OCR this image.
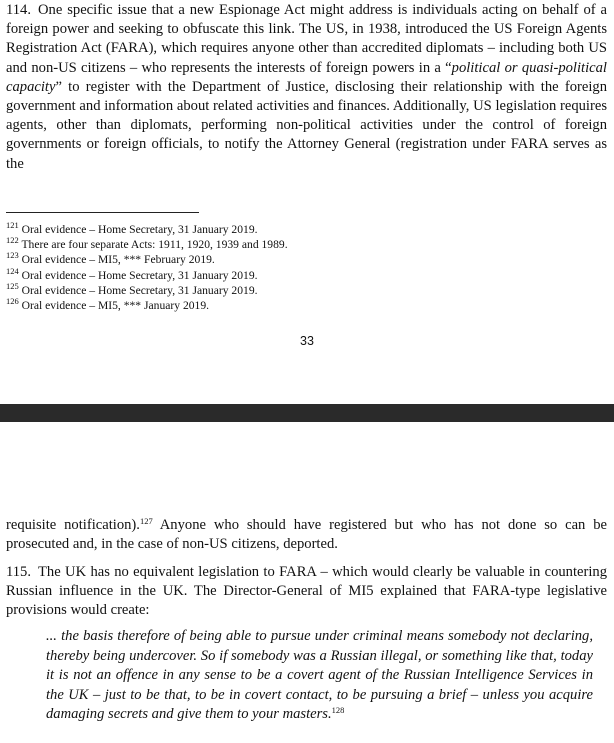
114. One specific issue that a new Espionage Act might address is individuals acting on behalf of a foreign power and seeking to obfuscate this link. The US, in 1938, introduced the US Foreign Agents Registration Act (FARA), which requires anyone other than accredited diplomats – including both US and non-US citizens – who represents the interests of foreign powers in a “political or quasi-political capacity” to register with the Department of Justice, disclosing their relationship with the foreign government and information about related activities and finances. Additionally, US legislation requires agents, other than diplomats, performing non-political activities under the control of foreign governments or foreign officials, to notify the Attorney General (registration under FARA serves as the

$^{121}$ Oral evidence – Home Secretary, 31 January 2019.
$^{122}$ There are four separate Acts: 1911, 1920, 1939 and 1989.
$^{123}$ Oral evidence – MI5, *** February 2019.
$^{124}$ Oral evidence – Home Secretary, 31 January 2019.
$^{125}$ Oral evidence – Home Secretary, 31 January 2019.
$^{126}$ Oral evidence – MI5, *** January 2019.
33

requisite notification).$^{127}$ Anyone who should have registered but who has not done so can be prosecuted and, in the case of non-US citizens, deported.

115. The UK has no equivalent legislation to FARA – which would clearly be valuable in countering Russian influence in the UK. The Director-General of MI5 explained that FARA-type legislative provisions would create:

... the basis therefore of being able to pursue under criminal means somebody not declaring, thereby being undercover. So if somebody was a Russian illegal, or something like that, today it is not an offence in any sense to be a covert agent of the Russian Intelligence Services in the UK – just to be that, to be in covert contact, to be pursuing a brief – unless you acquire damaging secrets and give them to your masters.$^{128}$
